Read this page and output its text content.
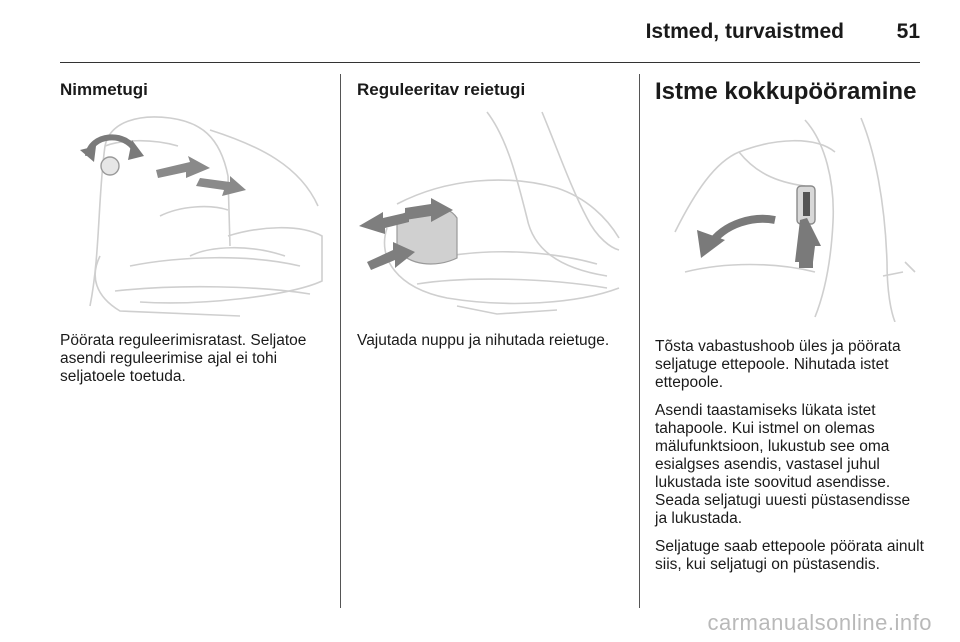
Istmed, turvaistmed	51
Nimmetugi

Pöörata reguleerimisratast. Seljatoe asendi reguleerimise ajal ei tohi seljatoele toetuda.

Reguleeritav reietugi

Vajutada nuppu ja nihutada reietuge.

Istme kokkupööramine

Tõsta vabastushoob üles ja pöörata seljatuge ettepoole. Nihutada istet ettepoole.

Asendi taastamiseks lükata istet tahapoole. Kui istmel on olemas mälufunktsioon, lukustub see oma esialgses asendis, vastasel juhul lukustada iste soovitud asendisse. Seada seljatugi uuesti püstasendisse ja lukustada.

Seljatuge saab ettepoole pöörata ainult siis, kui seljatugi on püstasendis.

carmanualsonline.info
